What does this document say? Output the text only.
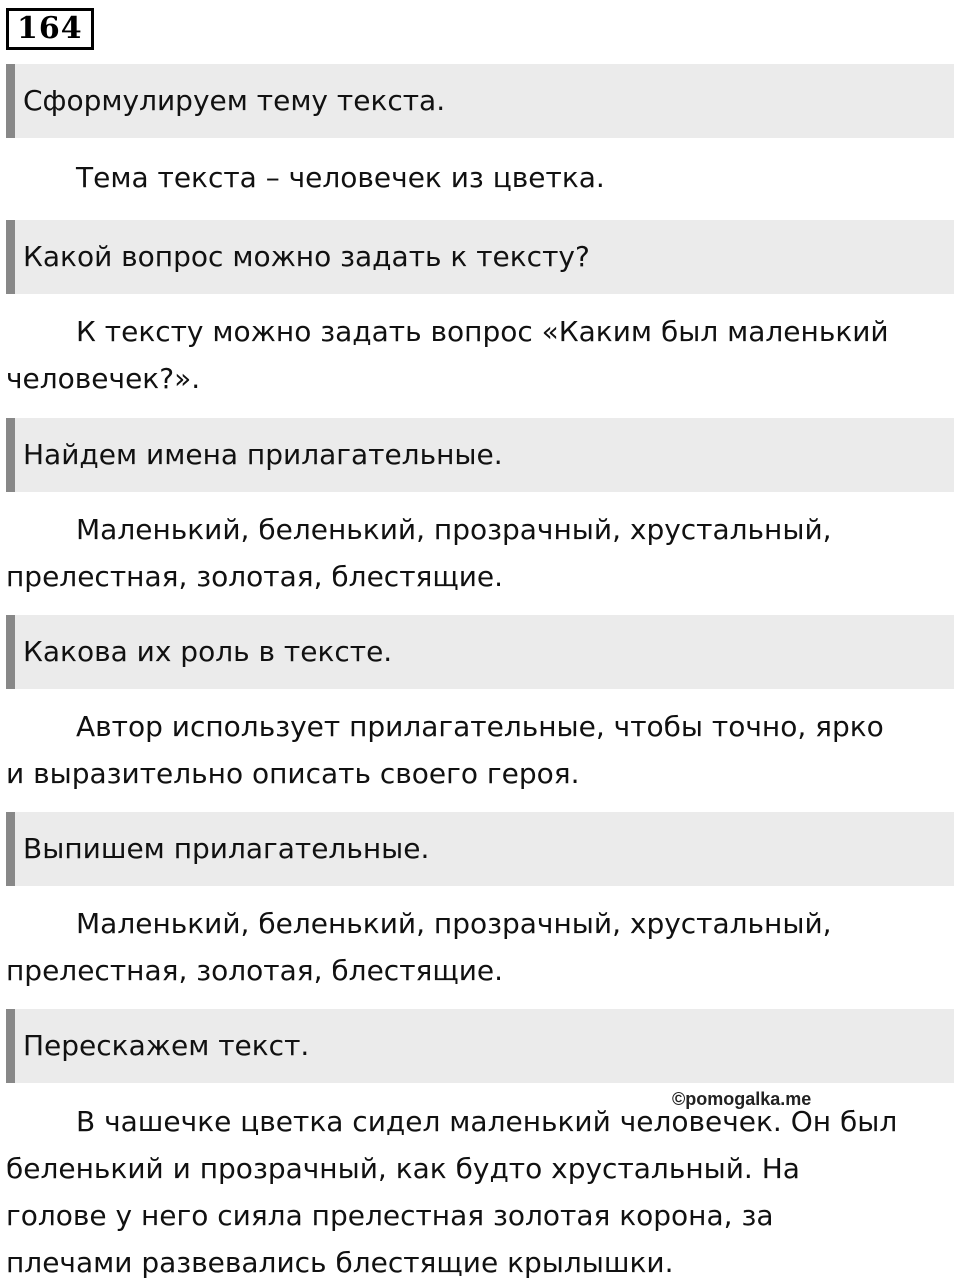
164
Сформулируем тему текста.

Тема текста – человечек из цветка.

Какой вопрос можно задать к тексту?

К тексту можно задать вопрос «Каким был маленький человечек?».

Найдем имена прилагательные.

Маленький, беленький, прозрачный, хрустальный, прелестная, золотая, блестящие.

Какова их роль в тексте.

Автор использует прилагательные, чтобы точно, ярко и выразительно описать своего героя.

Выпишем прилагательные.

Маленький, беленький, прозрачный, хрустальный, прелестная, золотая, блестящие.

Перескажем текст.
©pomogalka.me

В чашечке цветка сидел маленький человечек. Он был беленький и прозрачный, как будто хрустальный. На голове у него сияла прелестная золотая корона, за плечами развевались блестящие крылышки.
